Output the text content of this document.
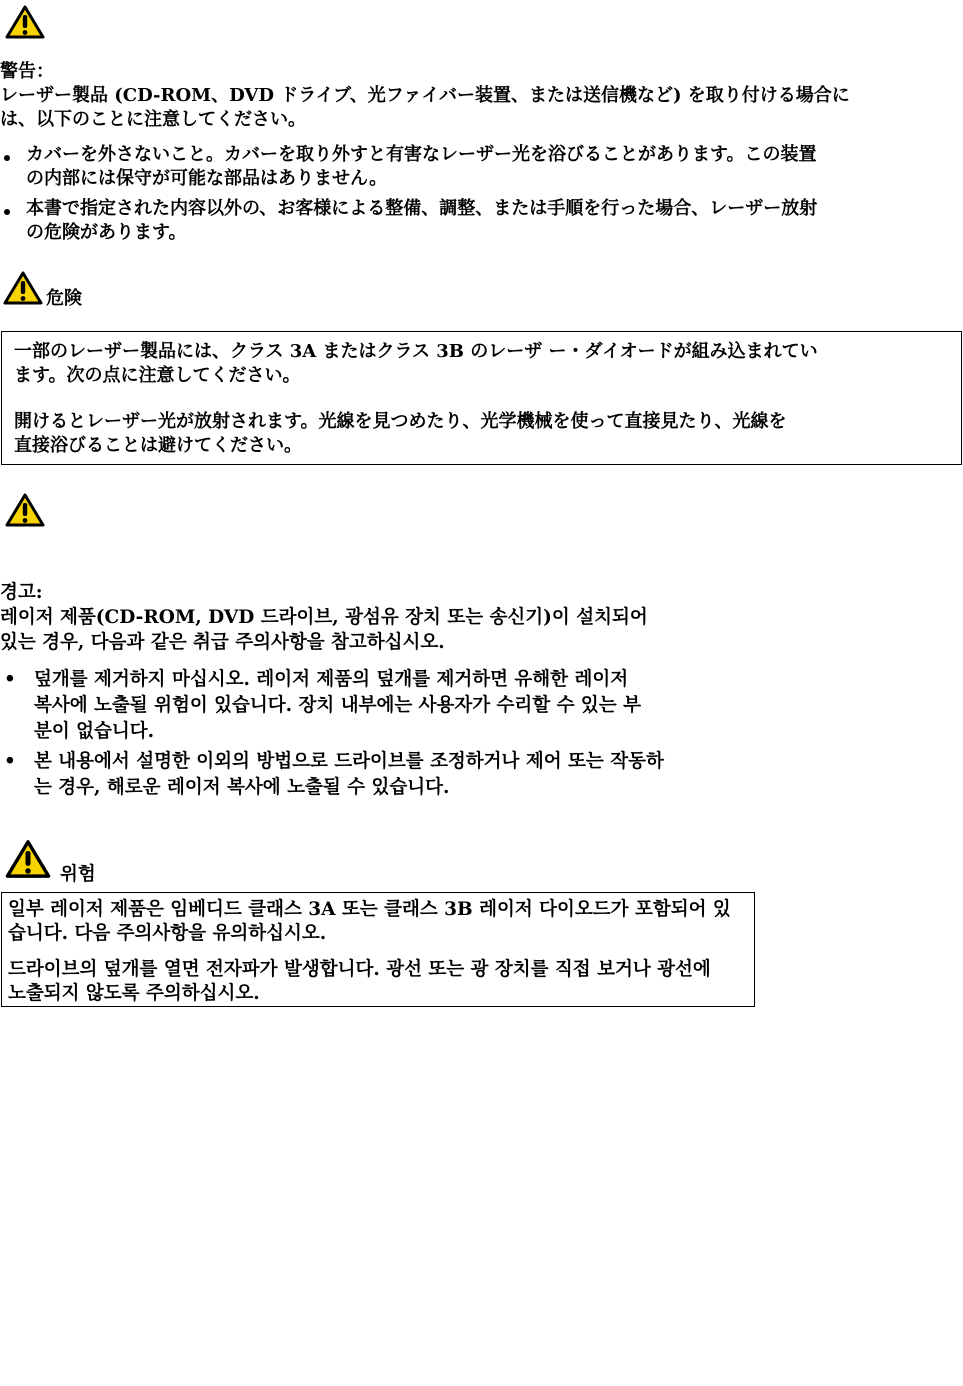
警告：

レーザー製品 (CD-ROM、DVD ドライブ、光ファイバー装置、または送信機など) を取り付ける場合に

は、以下のことに注意してください。

カバーを外さないこと。カバーを取り外すと有害なレーザー光を浴びることがあります。この装置

の内部には保守が可能な部品はありません。

本書で指定された内容以外の、お客様による整備、調整、または手順を行った場合、レーザー放射

の危険があります。

危険

一部のレーザー製品には、クラス 3A またはクラス 3B のレーザ ー・ダイオードが組み込まれてい

ます。次の点に注意してください。

開けるとレーザー光が放射されます。光線を見つめたり、光学機械を使って直接見たり、光線を

直接浴びることは避けてください。

경고:

레이저 제품(CD-ROM, DVD 드라이브, 광섬유 장치 또는 송신기)이 설치되어

있는 경우, 다음과 같은 취급 주의사항을 참고하십시오.

• 덮개를 제거하지 마십시오. 레이저 제품의 덮개를 제거하면 유해한 레이저

복사에 노출될 위험이 있습니다. 장치 내부에는 사용자가 수리할 수 있는 부

분이 없습니다.

• 본 내용에서 설명한 이외의 방법으로 드라이브를 조정하거나 제어 또는 작동하

는 경우, 해로운 레이저 복사에 노출될 수 있습니다.

위험

일부 레이저 제품은 임베디드 클래스 3A 또는 클래스 3B 레이저 다이오드가 포함되어 있

습니다. 다음 주의사항을 유의하십시오.

드라이브의 덮개를 열면 전자파가 발생합니다. 광선 또는 광 장치를 직접 보거나 광선에

노출되지 않도록 주의하십시오.
